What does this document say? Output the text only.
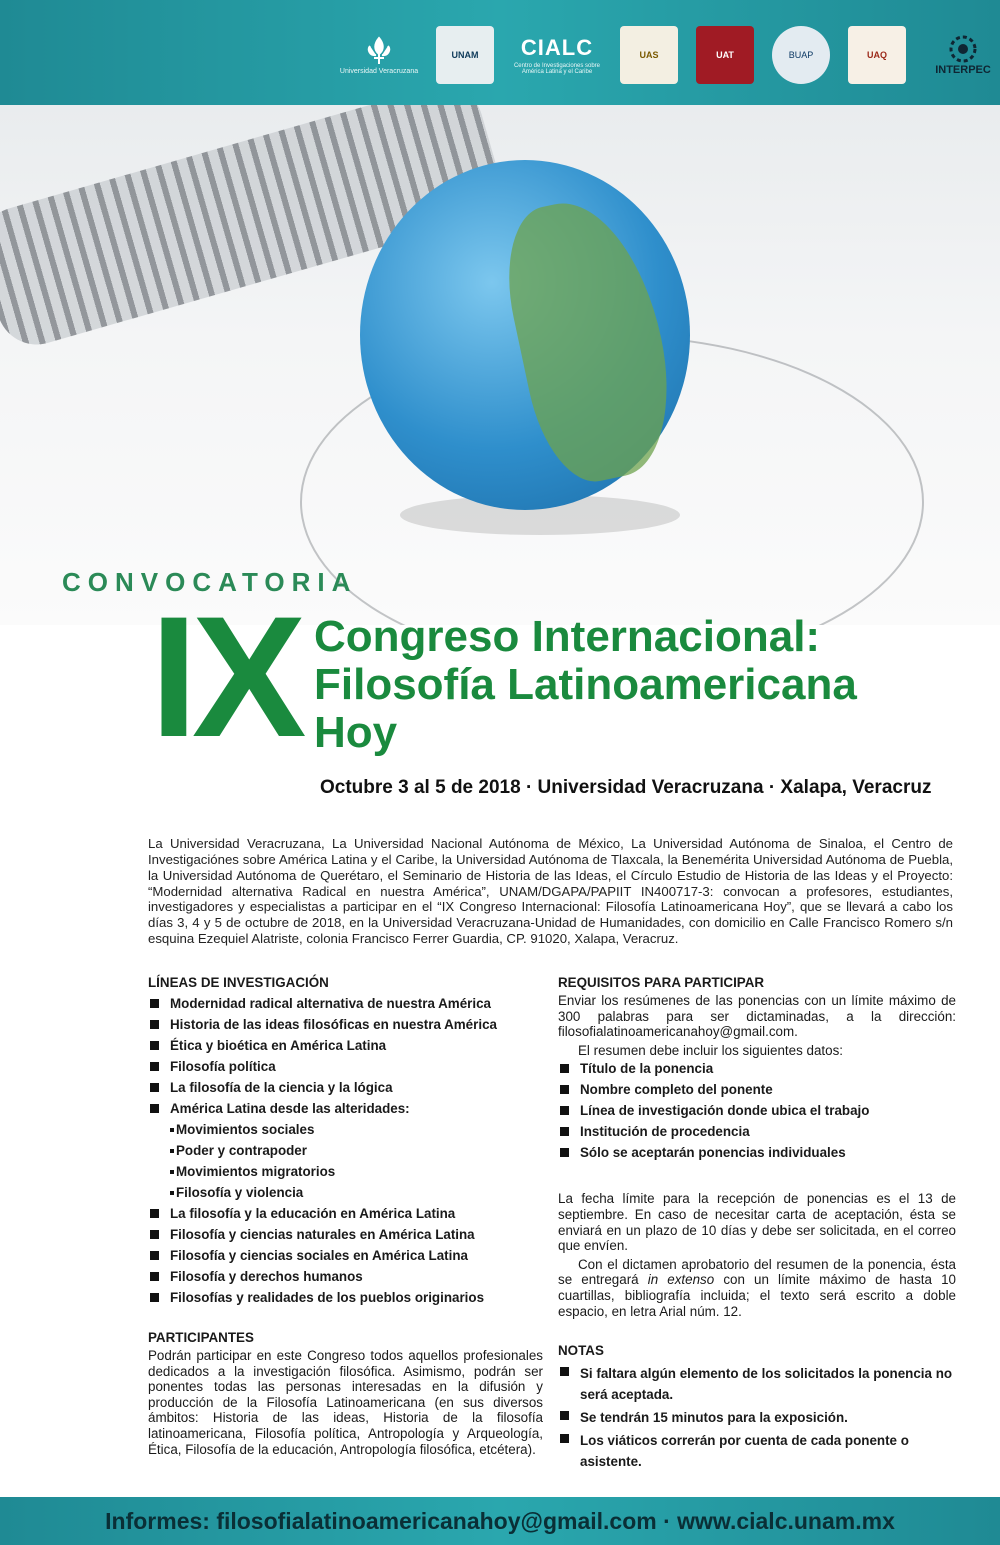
Universidad Veracruzana
UNAM CIALC
Centro de Investigaciones sobre América Latina y el Caribe
UAS	UAT	BUAP	UAQ
INTERPEC
CONVOCATORIA
IX Congreso Internacional:
Filosofía Latinoamericana
Hoy
Octubre 3 al 5 de 2018 · Universidad Veracruzana · Xalapa, Veracruz

La Universidad Veracruzana, La Universidad Nacional Autónoma de México, La Universidad Autónoma de Sinaloa, el Centro de Investigaciónes sobre América Latina y el Caribe, la Universidad Autónoma de Tlaxcala, la Benemérita Universidad Autónoma de Puebla, la Universidad Autónoma de Querétaro, el Seminario de Historia de las Ideas, el Círculo Estudio de Historia de las Ideas y el Proyecto: “Modernidad alternativa Radical en nuestra América”, UNAM/DGAPA/PAPIIT IN400717-3: convocan a profesores, estudiantes, investigadores y especialistas a participar en el “IX Congreso Internacional: Filosofía Latinoamericana Hoy”, que se llevará a cabo los días 3, 4 y 5 de octubre de 2018, en la Universidad Veracruzana-Unidad de Humanidades, con domicilio en Calle Francisco Romero s/n esquina Ezequiel Alatriste, colonia Francisco Ferrer Guardia, CP. 91020, Xalapa, Veracruz.

LÍNEAS DE INVESTIGACIÓN
Modernidad radical alternativa de nuestra América
Historia de las ideas filosóficas en nuestra América
Ética y bioética en América Latina
Filosofía política
La filosofía de la ciencia y la lógica
América Latina desde las alteridades:
Movimientos sociales
Poder y contrapoder
Movimientos migratorios
Filosofía y violencia
La filosofía y la educación en América Latina
Filosofía y ciencias naturales en América Latina
Filosofía y ciencias sociales en América Latina
Filosofía y derechos humanos
Filosofías y realidades de los pueblos originarios
PARTICIPANTES

Podrán participar en este Congreso todos aquellos profesionales dedicados a la investigación filosófica. Asimismo, podrán ser ponentes todas las personas interesadas en la difusión y producción de la Filosofía Latinoamericana (en sus diversos ámbitos: Historia de las ideas, Historia de la filosofía latinoamericana, Filosofía política, Antropología y Arqueología, Ética, Filosofía de la educación, Antropología filosófica, etcétera).

REQUISITOS PARA PARTICIPAR

Enviar los resúmenes de las ponencias con un límite máximo de 300 palabras para ser dictaminadas, a la dirección: filosofialatinoamericanahoy@gmail.com.

El resumen debe incluir los siguientes datos:

Título de la ponencia
Nombre completo del ponente
Línea de investigación donde ubica el trabajo
Institución de procedencia
Sólo se aceptarán ponencias individuales

La fecha límite para la recepción de ponencias es el 13 de septiembre. En caso de necesitar carta de aceptación, ésta se enviará en un plazo de 10 días y debe ser solicitada, en el correo que envíen.

Con el dictamen aprobatorio del resumen de la ponencia, ésta se entregará in extenso con un límite máximo de hasta 10 cuartillas, bibliografía incluida; el texto será escrito a doble espacio, en letra Arial núm. 12.

NOTAS
Si faltara algún elemento de los solicitados la ponencia no será aceptada.
Se tendrán 15 minutos para la exposición.
Los viáticos correrán por cuenta de cada ponente o asistente.
Informes: filosofialatinoamericanahoy@gmail.com · www.cialc.unam.mx
